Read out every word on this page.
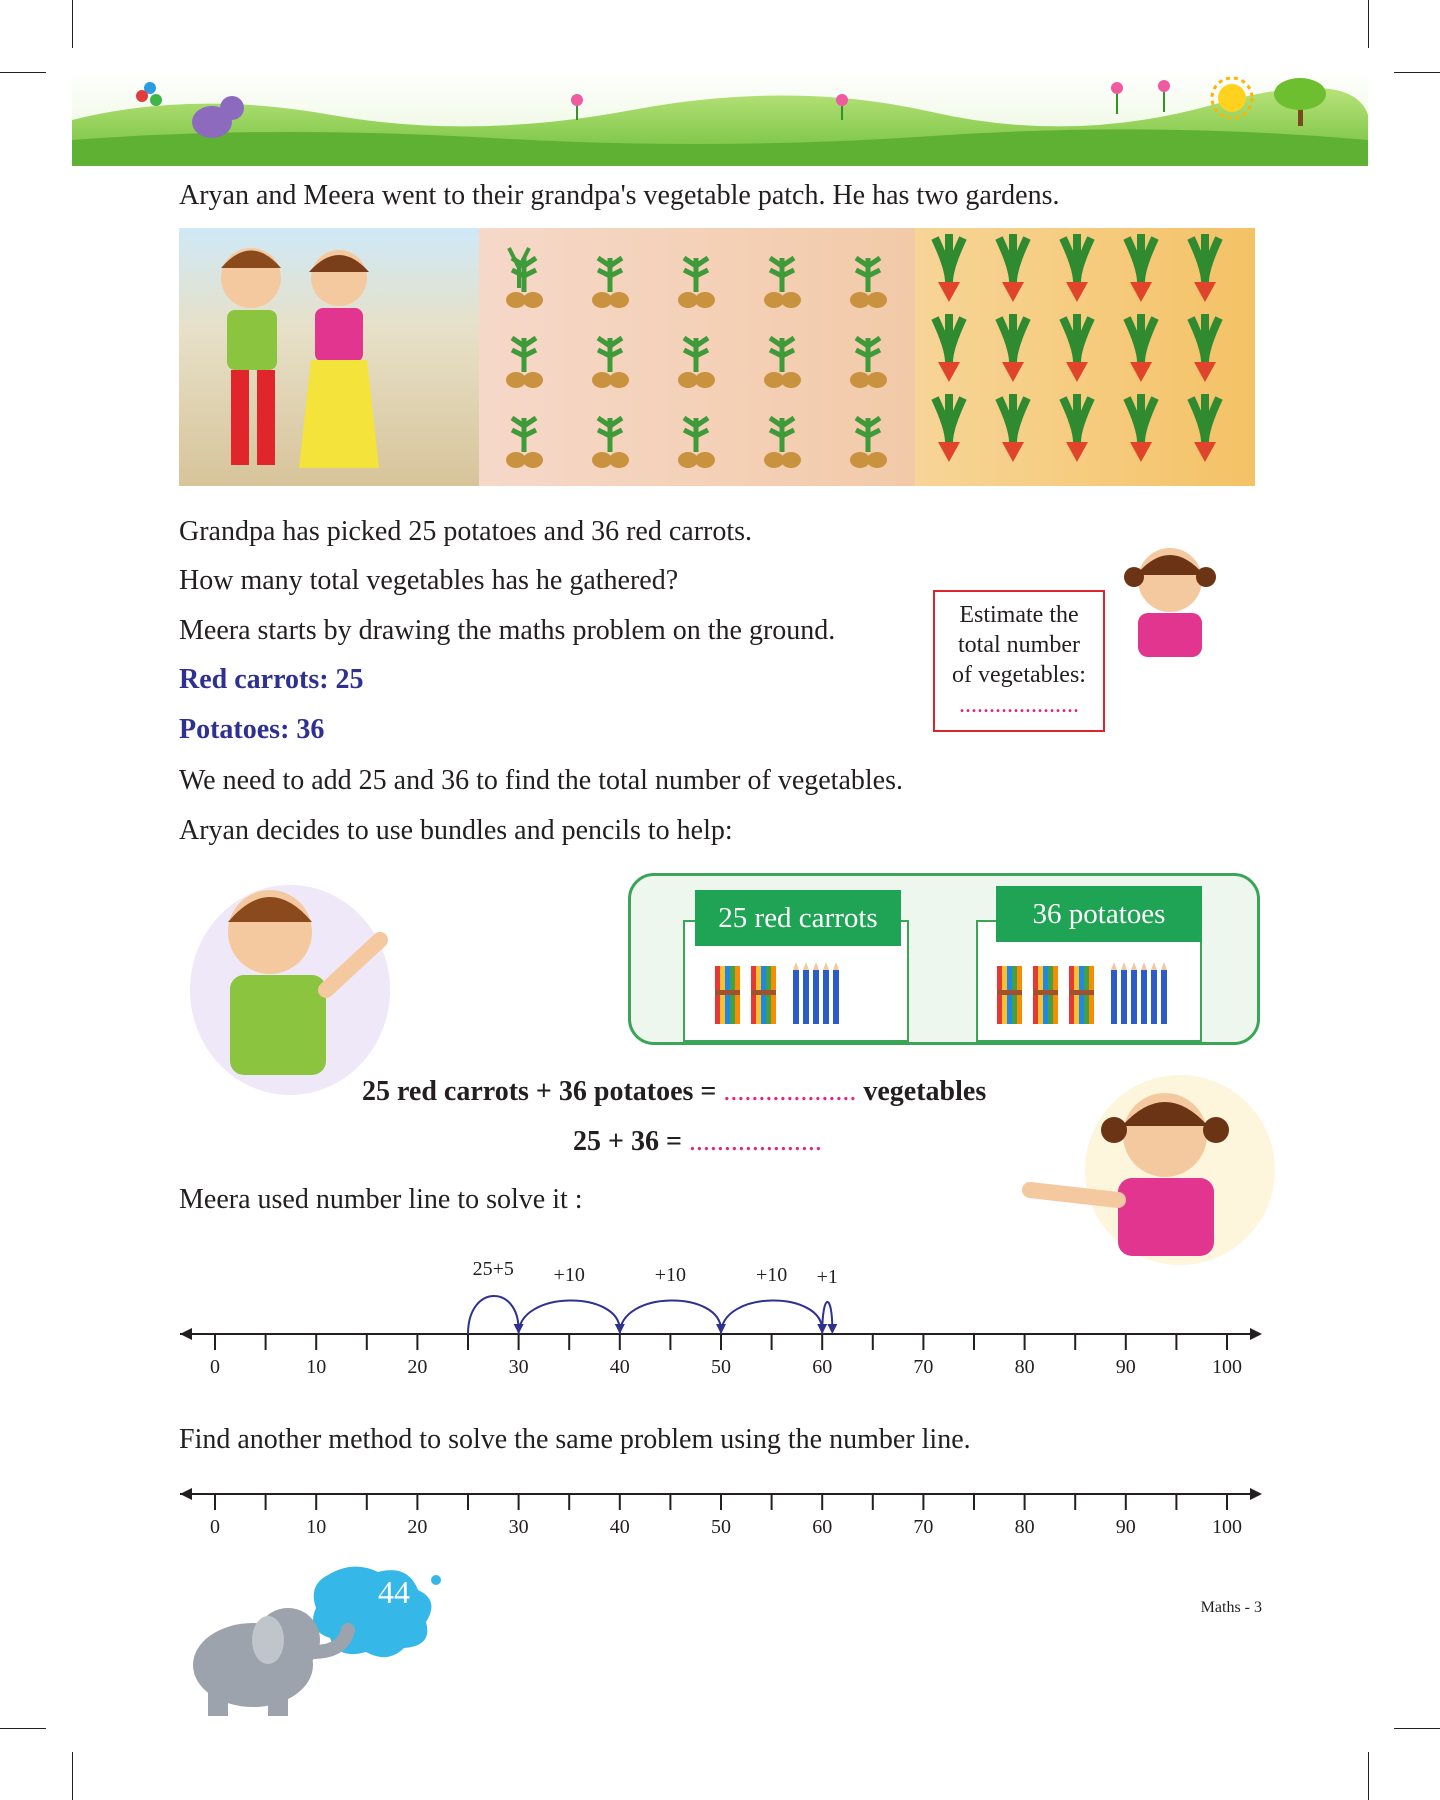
Aryan and Meera went to their grandpa's vegetable patch. He has two gardens.
Grandpa has picked 25 potatoes and 36 red carrots.
How many total vegetables has he gathered?
Meera starts by drawing the maths problem on the ground.
Red carrots: 25
Potatoes: 36
We need to add 25 and 36 to find the total number of vegetables.
Aryan decides to use bundles and pencils to help:
Estimate the
total number
of vegetables:
....................
25 red carrots	36 potatoes
25 red carrots + 36 potatoes = ................... vegetables
25 + 36 = ...................
Meera used number line to solve it :
0	10	20	30	40	50	60	70	80	90	100
25+5	+10	+10	+10	+1
Find another method to solve the same problem using the number line.
0	10	20	30	40	50	60	70	80	90	100
44	Maths - 3
